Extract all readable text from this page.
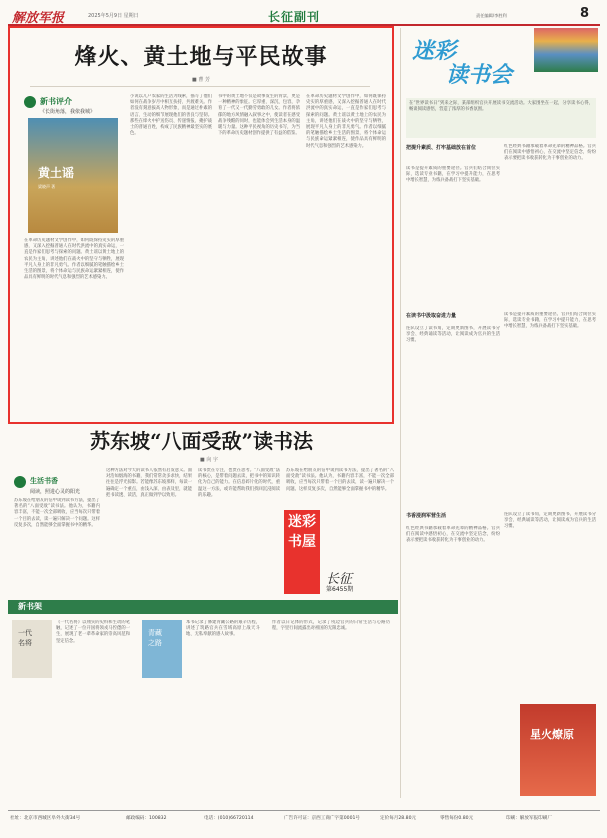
解放军报	2025年5月9日 星期日	长征副刊	责任编辑/李胜利	8
烽火、黄土地与平民故事
■ 曹 芳
新书评介
《长街角落，我依我城》
黄土谣
梁晓声 著
在革命历史题材文学创作中，如何既保持史实的厚重感，又深入挖掘普通人在时代洪流中的真实命运，一直是作家们思考与探索的问题。黄土谣以黄土地上的农民为主角，讲述他们在战火中的坚守与牺牲，展现平凡人身上的非凡勇气。作者以细腻的笔触描绘乡土生活的图景，将个体命运与民族命运紧紧相连，使作品具有鲜明的时代气息和强烈的艺术感染力。
小说以几户农家的生活为线索，描写了他们如何在战争岁月中相互扶持、共渡难关。作者没有刻意拔高人物形象，而是通过朴素的语言、生动的细节展现他们的善良与坚韧。那些在烽火中护送伤员、传递情报、掩护战士的普通百姓，构成了民族精神最坚实的底色。
书中的黄土地不仅是故事发生的背景，更是一种精神的象征。它厚重、深沉、包容，孕育了一代又一代勤劳勇敢的儿女。作者将浓郁的地方风情融入叙事之中，使读者在感受战争残酷的同时，也能体会到生活本身的温暖与力量。这种平民视角的历史书写，为当下的革命历史题材创作提供了有益的借鉴。
在革命历史题材文学创作中，如何既保持史实的厚重感，又深入挖掘普通人在时代洪流中的真实命运，一直是作家们思考与探索的问题。黄土谣以黄土地上的农民为主角，讲述他们在战火中的坚守与牺牲，展现平凡人身上的非凡勇气。作者以细腻的笔触描绘乡土生活的图景，将个体命运与民族命运紧紧相连，使作品具有鲜明的时代气息和强烈的艺术感染力。
苏东坡“八面受敌”读书法
■ 向 宇
生活书香
阅读，照进心灵的阳光
苏东坡在给朋友的信中谈到读书方法，提出了著名的“八面受敌”读书法。他认为，书籍内容丰富，不能一次全部吸收，应当每次只带着一个目的去读，读一遍只解决一个问题。这样反复多次，自然能够全面掌握书中的精华。
这种方法对今天的读书人依然有启发意义。面对浩如烟海的书籍，我们常常贪多求快，结果往往是浮光掠影。若能像苏东坡那样，每读一遍确定一个重点，由浅入深、由表及里，就能把书读透、读活，真正做到学以致用。
读书贵在专注，也贵在思考。“八面受敌”法的核心，是带着问题去读，把书中的知识转化为自己的能力。在信息碎片化的时代，重温这一方法，或许能帮助我们找回沉浸阅读的乐趣。
苏东坡在给朋友的信中谈到读书方法，提出了著名的“八面受敌”读书法。他认为，书籍内容丰富，不能一次全部吸收，应当每次只带着一个目的去读，读一遍只解决一个问题。这样反复多次，自然能够全面掌握书中的精华。
迷彩书屋
长征
第6455期
新书架
一代名将
《一代名将》以翔实的史料和生动的笔触，记述了一位开国将领戎马倥偬的一生，展现了老一辈革命家的崇高风范和坚定信念。
青藏之路
本书记录了修建青藏公路的艰辛历程，讲述了筑路官兵在雪域高原上战天斗地、无私奉献的感人故事。
作者以日记体的形式，记录了戍边官兵的日常生活与心路历程，字里行间流露出对祖国的无限忠诚。
迷彩
读书会
在“世界读书日”到来之际，某部组织官兵开展读书交流活动。大家围坐在一起，分享读书心得，畅谈阅读感悟，营造了浓厚的书香氛围。
把提升素质、打牢基础放在首位
读书是提升素质的重要途径。官兵们结合岗位实际，选读专业书籍，在学习中提升能力，在思考中增长智慧，为练兵备战打下坚实基础。
红色经典书籍承载着革命先辈的精神品格。官兵们在阅读中感悟初心，在交流中坚定信念，纷纷表示要把读书收获转化为干事创业的动力。
在读书中汲取奋进力量
连队设立了读书角，定期更新图书，开展读书分享会、经典诵读等活动，让阅读成为官兵的生活习惯。
读书是提升素质的重要途径。官兵们结合岗位实际，选读专业书籍，在学习中提升能力，在思考中增长智慧，为练兵备战打下坚实基础。
书香浸润军营生活
红色经典书籍承载着革命先辈的精神品格。官兵们在阅读中感悟初心，在交流中坚定信念，纷纷表示要把读书收获转化为干事创业的动力。
连队设立了读书角，定期更新图书，开展读书分享会、经典诵读等活动，让阅读成为官兵的生活习惯。
星火燎原
社址：北京市西城区阜外大街34号	邮政编码：100832	电话：(010)66720114	广告许可证：京西工商广字第0001号	定价每月28.80元	零售每份0.80元	印刷：解放军报印刷厂
